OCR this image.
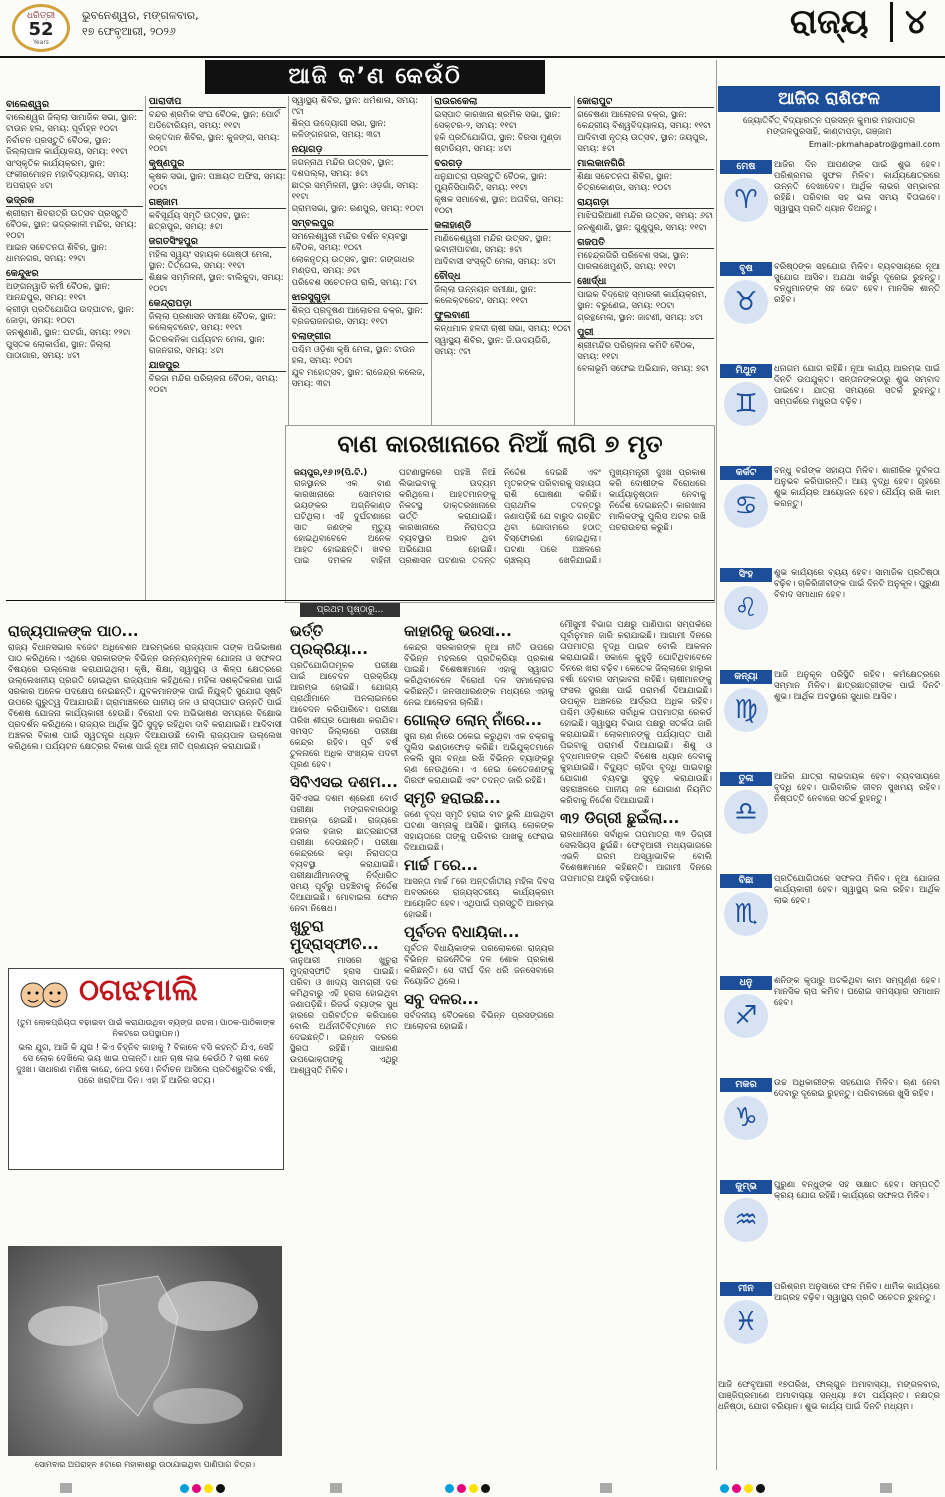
ଧରିତ୍ରୀ
52
Years
ଭୁବନେଶ୍ୱର, ମଙ୍ଗଳବାର,
୧୭ ଫେବୃଆରୀ, ୨୦୨୬	ରାଜ୍ୟ	୪
ଆଜି କ’ଣ କେଉଁଠି
ବାଲେଶ୍ୱର
ବାଲେଶ୍ୱର ଜିଲ୍ଲା ସାମାଜିକ ସଭା, ସ୍ଥାନ: ଟାଉନ ହଲ, ସମୟ: ପୂର୍ବାହ୍ନ ୧୦ଟା
ନିର୍ବାଚନ ପ୍ରସ୍ତୁତି ବୈଠକ, ସ୍ଥାନ: ଜିଲ୍ଲାପାଳ କାର୍ଯ୍ୟାଳୟ, ସମୟ: ୧୧ଟା
ସାଂସ୍କୃତିକ କାର୍ଯ୍ୟକ୍ରମ, ସ୍ଥାନ: ଫକୀରମୋହନ ମହାବିଦ୍ୟାଳୟ, ସମୟ: ଅପରାହ୍ନ ୪ଟା
ଭଦ୍ରକ
ଶ୍ରୀରାମ ଶିବରାତ୍ରି ଉତ୍ସବ ପ୍ରସ୍ତୁତି ବୈଠକ, ସ୍ଥାନ: ଭଦ୍ରକାଳୀ ମନ୍ଦିର, ସମୟ: ୧୦ଟା
ଆଇନ ସଚେତନତା ଶିବିର, ସ୍ଥାନ: ଧାମନଗର, ସମୟ: ୧୨ଟା
କେନ୍ଦୁଝର
ଅଙ୍ଗନୱାଡି କର୍ମୀ ବୈଠକ, ସ୍ଥାନ: ଆନନ୍ଦପୁର, ସମୟ: ୧୧ଟା
କ୍ରୀଡ଼ା ପ୍ରତିଯୋଗିତା ଉଦ୍‌ଘାଟନ, ସ୍ଥାନ: ଜୋଡ଼ା, ସମୟ: ୧୦ଟା
ଜନଶୁଣାଣି, ସ୍ଥାନ: ଘଟଗାଁ, ସମୟ: ୧୨ଟା
ପୁସ୍ତକ ଲୋକାର୍ପଣ, ସ୍ଥାନ: ଜିଲ୍ଲା ପାଠାଗାର, ସମୟ: ୪ଟା
ପାରାଦୀପ
ବନ୍ଦର ଶ୍ରମିକ ସଂଘ ବୈଠକ, ସ୍ଥାନ: ପୋର୍ଟ ଅଡିଟୋରିୟମ, ସମୟ: ୧୧ଟା
ରକ୍ତଦାନ ଶିବିର, ସ୍ଥାନ: କୁଜଙ୍ଗ, ସମୟ: ୧୦ଟା
କୃଷ୍ଣପୁର
କୃଷକ ସଭା, ସ୍ଥାନ: ପଞ୍ଚାୟତ ଅଫିସ, ସମୟ: ୧୦ଟା
ଗଞ୍ଜାମ
କବିସୂର୍ଯ୍ୟ ସ୍ମୃତି ଉତ୍ସବ, ସ୍ଥାନ: ଛତ୍ରପୁର, ସମୟ: ୫ଟା
ଜଗତସିଂହପୁର
ମହିଳା ସ୍ୱୟଂ ସହାୟକ ଗୋଷ୍ଠୀ ମେଳା, ସ୍ଥାନ: ତିର୍ତ୍ତୋଲ, ସମୟ: ୧୧ଟା
ଶିକ୍ଷକ ସମ୍ମିଳନୀ, ସ୍ଥାନ: ବାଲିକୁଦା, ସମୟ: ୧୦ଟା
କେନ୍ଦ୍ରାପଡ଼ା
ଜିଲ୍ଲା ପ୍ରଶାସନ ସମୀକ୍ଷା ବୈଠକ, ସ୍ଥାନ: କଲେକ୍ଟରେଟ, ସମୟ: ୧୧ଟା
ଭିତରକନିକା ପର୍ଯ୍ୟଟନ ମେଳା, ସ୍ଥାନ: ରାଜନଗର, ସମୟ: ୪ଟା
ଯାଜପୁର
ବିରଜା ମନ୍ଦିର ପରିଚାଳନା ବୈଠକ, ସମୟ: ୧୦ଟା
ସ୍ୱାସ୍ଥ୍ୟ ଶିବିର, ସ୍ଥାନ: ଧର୍ମଶାଳା, ସମୟ: ୯ଟା
ଶିଳ୍ପ ଉଦ୍ୟୋଗୀ ସଭା, ସ୍ଥାନ: କଳିଙ୍ଗନଗର, ସମୟ: ୩ଟା
ନୟାଗଡ଼
ଜଗନ୍ନାଥ ମନ୍ଦିର ଉତ୍ସବ, ସ୍ଥାନ: ଦଶପଲ୍ଲା, ସମୟ: ୫ଟା
ଛାତ୍ର ସମ୍ମିଳନୀ, ସ୍ଥାନ: ଓଡ଼ଗାଁ, ସମୟ: ୧୧ଟା
ଗ୍ରାମସଭା, ସ୍ଥାନ: ରଣପୁର, ସମୟ: ୧୦ଟା
ସମ୍ବଲପୁର
ସମଲେଶ୍ୱରୀ ମନ୍ଦିର ଦର୍ଶନ ବ୍ୟବସ୍ଥା ବୈଠକ, ସମୟ: ୧୦ଟା
ଲୋକନୃତ୍ୟ ଉତ୍ସବ, ସ୍ଥାନ: ଗଙ୍ଗାଧର ମଣ୍ଡପ, ସମୟ: ୬ଟା
ପରିବେଶ ସଚେତନତା ରାଲି, ସମୟ: ୮ଟା
ଝାରସୁଗୁଡ଼ା
ଶିଳ୍ପ ପ୍ରଦୂଷଣ ଆଲୋଚନା ଚକ୍ର, ସ୍ଥାନ: ବ୍ରଜରାଜନଗର, ସମୟ: ୧୧ଟା
ବଲାଙ୍ଗୀର
ପଶ୍ଚିମ ଓଡ଼ିଶା କୃଷି ମେଳା, ସ୍ଥାନ: ଟାଉନ ହଲ, ସମୟ: ୧୦ଟା
ଯୁବ ମହୋତ୍ସବ, ସ୍ଥାନ: ରାଜେନ୍ଦ୍ର କଲେଜ, ସମୟ: ୩ଟା
ରାଉରକେଲା
ଇସ୍ପାତ କାରଖାନା ଶ୍ରମିକ ସଭା, ସ୍ଥାନ: ସେକ୍ଟର-୨, ସମୟ: ୧୧ଟା
ହକି ପ୍ରତିଯୋଗିତା, ସ୍ଥାନ: ବିରସା ମୁଣ୍ଡା ଷ୍ଟାଡିୟମ, ସମୟ: ୪ଟା
ବରଗଡ଼
ଧନୁଯାତ୍ରା ପ୍ରସ୍ତୁତି ବୈଠକ, ସ୍ଥାନ: ମ୍ୟୁନିସିପାଲିଟି, ସମୟ: ୧୧ଟା
କୃଷକ ସମାବେଶ, ସ୍ଥାନ: ଅତାବିରା, ସମୟ: ୧୦ଟା
କଳାହାଣ୍ଡି
ମାଣିକେଶ୍ୱରୀ ମନ୍ଦିର ଉତ୍ସବ, ସ୍ଥାନ: ଭବାନୀପାଟଣା, ସମୟ: ୫ଟା
ଆଦିବାସୀ ସଂସ୍କୃତି ମେଳା, ସମୟ: ୪ଟା
ବୌଦ୍ଧ
ଜିଲ୍ଲା ଉନ୍ନୟନ ସମୀକ୍ଷା, ସ୍ଥାନ: କଲେକ୍ଟରେଟ, ସମୟ: ୧୧ଟା
ଫୁଲବାଣୀ
କନ୍ଧମାଳ ହଳଦୀ ଚାଷୀ ସଭା, ସମୟ: ୧୦ଟା
ସ୍ୱାସ୍ଥ୍ୟ ଶିବିର, ସ୍ଥାନ: ଜି.ଉଦୟଗିରି, ସମୟ: ୯ଟା
କୋରାପୁଟ
ଗବେଷଣା ଆଲୋଚନା ଚକ୍ର, ସ୍ଥାନ: କେନ୍ଦ୍ରୀୟ ବିଶ୍ୱବିଦ୍ୟାଳୟ, ସମୟ: ୧୧ଟା
ଆଦିବାସୀ ନୃତ୍ୟ ଉତ୍ସବ, ସ୍ଥାନ: ଜୟପୁର, ସମୟ: ୫ଟା
ମାଲକାନଗିରି
ଶିକ୍ଷା ସଚେତନତା ଶିବିର, ସ୍ଥାନ: ଚିତ୍ରକୋଣ୍ଡା, ସମୟ: ୧୦ଟା
ରାୟଗଡ଼ା
ମାଝିଘରିଆଣୀ ମନ୍ଦିର ଉତ୍ସବ, ସମୟ: ୬ଟା
ଜନଶୁଣାଣି, ସ୍ଥାନ: ଗୁଣୁପୁର, ସମୟ: ୧୧ଟା
ଗଜପତି
ମହେନ୍ଦ୍ରଗିରି ପରିବେଶ ସଭା, ସ୍ଥାନ: ପାରଳାଖେମୁଣ୍ଡି, ସମୟ: ୧୧ଟା
ଖୋର୍ଦ୍ଧା
ପାଇକ ବିଦ୍ରୋହ ସ୍ମାରକୀ କାର୍ଯ୍ୟକ୍ରମ, ସ୍ଥାନ: ବରୁଣେଇ, ସମୟ: ୧୦ଟା
ଗ୍ରନ୍ଥମେଳା, ସ୍ଥାନ: ଜାଟଣୀ, ସମୟ: ୪ଟା
ପୁରୀ
ଶ୍ରୀମନ୍ଦିର ପରିଚାଳନା କମିଟି ବୈଠକ, ସମୟ: ୧୧ଟା
ବେଳାଭୂମି ସଫେଇ ଅଭିଯାନ, ସମୟ: ୭ଟା
ବାଣ କାରଖାନାରେ ନିଆଁ ଲାଗି ୭ ମୃତ
ଜୟପୁର,୧୬।୨(ପି.ଟି.) ରାଜସ୍ଥାନର ଏକ ବାଣ କାରଖାନାରେ ସୋମବାର ଭୟଙ୍କର ଅଗ୍ନିକାଣ୍ଡ ଘଟିଥିଲା। ଏହି ଦୁର୍ଘଟଣାରେ ସାତ ଜଣଙ୍କ ମୃତ୍ୟୁ ହୋଇଥିବାବେଳେ ଅନେକ ଆହତ ହୋଇଛନ୍ତି। ଖବର ପାଇ ଦମକଳ ବାହିନୀ ଘଟଣାସ୍ଥଳରେ ପହଞ୍ଚି ନିଆଁ ଲିଭାଇବାକୁ ଉଦ୍ୟମ କରିଥିଲେ। ଆହତମାନଙ୍କୁ ନିକଟସ୍ଥ ଡାକ୍ତରଖାନାରେ ଭର୍ତ୍ତି କରାଯାଇଛି। କାରଖାନାରେ ନିରାପତ୍ତା ବ୍ୟବସ୍ଥାର ଅଭାବ ଥିବା ଅଭିଯୋଗ ହୋଇଛି। ପ୍ରଶାସନ ଘଟଣାର ତଦନ୍ତ ନିର୍ଦ୍ଦେଶ ଦେଇଛି ଏବଂ ମୃତକଙ୍କ ପରିବାରକୁ ସହାୟତା ରାଶି ଘୋଷଣା କରିଛି। ପ୍ରାଥମିକ ତଦନ୍ତରୁ ଜଣାପଡ଼ିଛି ଯେ ବାରୁଦ ଗଚ୍ଛିତ ଥିବା ଗୋଦାମରେ ହଠାତ୍ ବିସ୍ଫୋରଣ ହୋଇଥିଲା। ଘଟଣା ପରେ ଅଞ୍ଚଳରେ ଚାଞ୍ଚଲ୍ୟ ଖେଳିଯାଇଛି। ମୁଖ୍ୟମନ୍ତ୍ରୀ ଦୁଃଖ ପ୍ରକାଶ କରି ଦୋଷୀଙ୍କ ବିରୋଧରେ କାର୍ଯ୍ୟାନୁଷ୍ଠାନ ନେବାକୁ ନିର୍ଦ୍ଦେଶ ଦେଇଛନ୍ତି। କାରଖାନା ମାଲିକଙ୍କୁ ପୁଲିସ ଅଟକ ରଖି ପଚରାଉଚରା କରୁଛି।
ଆଜିର ରାଶିଫଳ
ଜ୍ୟୋତିର୍ବିତ୍ ବିଦ୍ୟାରତ୍ନ ପ୍ରସନ୍ନ କୁମାର ମହାପାତ୍ର ମଙ୍ଗଳପୁରସାହି, କାଣ୍ଟାପଡ଼ା, ଗଞ୍ଜାମ
Email:-pkmahapatro@gmail.com
ମେଷ
♈
ଆଜିର ଦିନ ଆପଣଙ୍କ ପାଇଁ ଶୁଭ ହେବ। ପରିଶ୍ରମର ସୁଫଳ ମିଳିବ। କାର୍ଯ୍ୟକ୍ଷେତ୍ରରେ ଉନ୍ନତି ଦେଖାଦେବ। ଆର୍ଥିକ ଲାଭର ସମ୍ଭାବନା ରହିଛି। ପରିବାର ସହ ଭଲ ସମୟ ବିତାଇବେ। ସ୍ୱାସ୍ଥ୍ୟ ପ୍ରତି ଧ୍ୟାନ ଦିଅନ୍ତୁ।
ବୃଷ
♉
ବରିଷ୍ଠଙ୍କ ସହଯୋଗ ମିଳିବ। ବ୍ୟବସାୟରେ ନୂଆ ସୁଯୋଗ ଆସିବ। ଅଯଥା ଖର୍ଚ୍ଚରୁ ଦୂରେଇ ରୁହନ୍ତୁ। ବନ୍ଧୁମାନଙ୍କ ସହ ଭେଟ ହେବ। ମାନସିକ ଶାନ୍ତି ରହିବ।
ମିଥୁନ
♊
ଧନାଗମ ଯୋଗ ରହିଛି। ନୂଆ କାର୍ଯ୍ୟ ଆରମ୍ଭ ପାଇଁ ଦିନଟି ଉପଯୁକ୍ତ। ସନ୍ତାନଙ୍କଠାରୁ ଶୁଭ ସମ୍ବାଦ ପାଇବେ। ଯାତ୍ରା ସମୟରେ ସତର୍କ ରୁହନ୍ତୁ। ସମ୍ପର୍କରେ ମଧୁରତା ବଢ଼ିବ।
କର୍କଟ
♋
ବନ୍ଧୁ ବର୍ଗଙ୍କ ସହାୟତା ମିଳିବ। ଶାରୀରିକ ଦୁର୍ବଳତା ଅନୁଭବ କରିପାରନ୍ତି। ଆୟ ବୃଦ୍ଧି ହେବ। ଗୃହରେ ଶୁଭ କାର୍ଯ୍ୟର ଆୟୋଜନ ହେବ। ଧୈର୍ଯ୍ୟ ରଖି କାମ କରନ୍ତୁ।
ସିଂହ
♌
ଶୁଭ କାର୍ଯ୍ୟରେ ବ୍ୟୟ ହେବ। ସାମାଜିକ ପ୍ରତିଷ୍ଠା ବଢ଼ିବ। ଚାକିରିଜୀବୀଙ୍କ ପାଇଁ ଦିନଟି ଅନୁକୂଳ। ପୁରୁଣା ବିବାଦ ସମାଧାନ ହେବ।
କନ୍ୟା
♍
ଆଜି ଅନୁକୂଳ ପରିସ୍ଥିତି ରହିବ। କର୍ମକ୍ଷେତ୍ରରେ ସମ୍ମାନ ମିଳିବ। ଛାତ୍ରଛାତ୍ରୀଙ୍କ ପାଇଁ ଦିନଟି ଶୁଭ। ଆର୍ଥିକ ଅବସ୍ଥାରେ ସୁଧାର ଆସିବ।
ତୁଳା
♎
ଆଜିର ଯାତ୍ରା ଲାଭଦାୟକ ହେବ। ବ୍ୟବସାୟରେ ବୃଦ୍ଧି ହେବ। ପାରିବାରିକ ଜୀବନ ସୁଖମୟ ରହିବ। ନିଷ୍ପତ୍ତି ନେବାରେ ସତର୍କ ରୁହନ୍ତୁ।
ବିଛା
♏
ପ୍ରତିଯୋଗିତାରେ ସଫଳତା ମିଳିବ। ନୂଆ ଯୋଜନା କାର୍ଯ୍ୟକାରୀ ହେବ। ସ୍ୱାସ୍ଥ୍ୟ ଭଲ ରହିବ। ଆର୍ଥିକ ଲାଭ ହେବ।
ଧନୁ
♐
ଶନିଙ୍କ କୃପାରୁ ଅଟକିଥିବା କାମ ସମ୍ପୂର୍ଣ୍ଣ ହେବ। ମାନସିକ ଚାପ କମିବ। ଘରୋଇ ସମସ୍ୟାର ସମାଧାନ ହେବ।
ମକର
♑
ଉଚ୍ଚ ଅଧିକାରୀଙ୍କ ସହଯୋଗ ମିଳିବ। ଋଣ ନେବା ଦେବାରୁ ଦୂରେଇ ରୁହନ୍ତୁ। ପରିବାରରେ ଖୁସି ରହିବ।
କୁମ୍ଭ
♒
ପୁରୁଣା ବନ୍ଧୁଙ୍କ ସହ ସାକ୍ଷାତ ହେବ। ସମ୍ପତ୍ତି କ୍ରୟ ଯୋଗ ରହିଛି। କାର୍ଯ୍ୟରେ ସଫଳତା ମିଳିବ।
ମୀନ
♓
ପରିଶ୍ରମ ଅନୁସାରେ ଫଳ ମିଳିବ। ଧାର୍ମିକ କାର୍ଯ୍ୟରେ ଆଗ୍ରହ ବଢ଼ିବ। ସ୍ୱାସ୍ଥ୍ୟ ପ୍ରତି ସଚେତନ ରୁହନ୍ତୁ।
ଆଜି ଫେବୃଆରୀ ୧୭ତାରିଖ, ଫାଲ୍‌ଗୁନ ଅମାବାସ୍ୟା, ମଙ୍ଗଳବାର, ପାଞ୍ଜିପ୍ରମାଣେ ଅମାବାସ୍ୟା ସନ୍ଧ୍ୟା ୫ଟା ପର୍ଯ୍ୟନ୍ତ। ନକ୍ଷତ୍ର ଧନିଷ୍ଠା, ଯୋଗ ବରିୟାନ। ଶୁଭ କାର୍ଯ୍ୟ ପାଇଁ ଦିନଟି ମଧ୍ୟମ।
ପ୍ରଥମ ପୃଷ୍ଠାରୁ...
ରାଜ୍ୟପାଳଙ୍କ ପାଠ...

ରାଜ୍ୟ ବିଧାନସଭାର ବଜେଟ ଅଧିବେଶନ ଆରମ୍ଭରେ ରାଜ୍ୟପାଳ ତାଙ୍କ ଅଭିଭାଷଣ ପାଠ କରିଥିଲେ। ଏଥିରେ ସରକାରଙ୍କ ବିଭିନ୍ନ ଉନ୍ନୟନମୂଳକ ଯୋଜନା ଓ ସଫଳତା ବିଷୟରେ ଉଲ୍ଲେଖ କରାଯାଇଥିଲା। କୃଷି, ଶିକ୍ଷା, ସ୍ୱାସ୍ଥ୍ୟ ଓ ଶିଳ୍ପ କ୍ଷେତ୍ରରେ ଉଲ୍ଲେଖନୀୟ ପ୍ରଗତି ହୋଇଥିବା ରାଜ୍ୟପାଳ କହିଥିଲେ। ମହିଳା ସଶକ୍ତିକରଣ ପାଇଁ ସରକାର ଅନେକ ପଦକ୍ଷେପ ନେଇଛନ୍ତି। ଯୁବକମାନଙ୍କ ପାଇଁ ନିଯୁକ୍ତି ସୁଯୋଗ ସୃଷ୍ଟି ଉପରେ ଗୁରୁତ୍ୱ ଦିଆଯାଉଛି। ଗ୍ରାମାଞ୍ଚଳରେ ପାନୀୟ ଜଳ ଓ ରାସ୍ତାଘାଟ ଉନ୍ନତି ପାଇଁ ବିଶେଷ ଯୋଜନା କାର୍ଯ୍ୟକାରୀ ହେଉଛି। ବିରୋଧୀ ଦଳ ଅଭିଭାଷଣ ସମୟରେ ବିକ୍ଷୋଭ ପ୍ରଦର୍ଶନ କରିଥିଲେ। ରାଜ୍ୟର ଆର୍ଥିକ ସ୍ଥିତି ସୁଦୃଢ଼ ରହିଥିବା ଦାବି କରାଯାଇଛି। ଆଦିବାସୀ ଅଞ୍ଚଳର ବିକାଶ ପାଇଁ ସ୍ୱତନ୍ତ୍ର ଧ୍ୟାନ ଦିଆଯାଉଛି ବୋଲି ରାଜ୍ୟପାଳ ଉଲ୍ଲେଖ କରିଥିଲେ। ପର୍ଯ୍ୟଟନ କ୍ଷେତ୍ରର ବିକାଶ ପାଇଁ ନୂଆ ନୀତି ପ୍ରଣୟନ କରାଯାଇଛି।

ଠଗଝମାଲି
(ତୁମ ଲୋକପ୍ରିୟତା ବଢ଼ାଇବା ପାଇଁ କରାଯାଉଥିବା ବ୍ୟଙ୍ଗ ରଚନା। ପାଠକ-ପାଠିକାଙ୍କ ନିକଟରେ ଉପସ୍ଥାପନ।)
ଭଲ ଯୁଗ, ଆଜି କି ଯୁଗ ! କିଏ ଚିହ୍ନିବ କାହାକୁ ? ବିକାଳେ ବସି କହନ୍ତି ଯିଏ, ସେହି ସେ ଲୋକ ଦେଖିଲେ ଭୟ ଖାଇ ପଳାନ୍ତି। ଧାନ ଚାଷ ଲାଭ କେଉଁଠି ? ଚାଷୀ କହେ ଦୁଃଖ। ସାଧାରଣ ମଣିଷ କାନ୍ଦେ, ନେତା ହସେ। ନିର୍ବାଚନ ଆସିଲେ ପ୍ରତିଶ୍ରୁତିର ବର୍ଷା, ପରେ ଖରାଟିଆ ଦିନ। ଏହା ହିଁ ଆଜିର ସତ୍ୟ।
ସୋମବାର ଅପରାହ୍ନ ୫ଟାରେ ମହାକାଶରୁ ଉଠାଯାଇଥିବା ପାଣିପାଗ ଚିତ୍ର।
ଭର୍ତ୍ତି ପ୍ରକ୍ରିୟା...

ପ୍ରତିଯୋଗିତାମୂଳକ ପରୀକ୍ଷା ପାଇଁ ଆବେଦନ ପ୍ରକ୍ରିୟା ଆରମ୍ଭ ହୋଇଛି। ଯୋଗ୍ୟ ପ୍ରାର୍ଥୀମାନେ ଅନଲାଇନରେ ଆବେଦନ କରିପାରିବେ। ପରୀକ୍ଷା ତାରିଖ ଶୀଘ୍ର ଘୋଷଣା କରାଯିବ। ସମସ୍ତ ଜିଲ୍ଲାରେ ପରୀକ୍ଷା କେନ୍ଦ୍ର ରହିବ। ପୂର୍ବ ବର୍ଷ ତୁଳନାରେ ଅଧିକ ସଂଖ୍ୟକ ପଦବୀ ପୂରଣ ହେବ।

ସିବିଏସଇ ଦଶମ...

ସିବିଏସଇ ଦଶମ ଶ୍ରେଣୀ ବୋର୍ଡ ପରୀକ୍ଷା ମଙ୍ଗଳବାରଠାରୁ ଆରମ୍ଭ ହୋଇଛି। ରାଜ୍ୟରେ ହଜାର ହଜାର ଛାତ୍ରଛାତ୍ରୀ ପରୀକ୍ଷା ଦେଉଛନ୍ତି। ପରୀକ୍ଷା କେନ୍ଦ୍ରରେ କଡ଼ା ନିରାପତ୍ତା ବ୍ୟବସ୍ଥା କରାଯାଇଛି। ପରୀକ୍ଷାର୍ଥୀମାନଙ୍କୁ ନିର୍ଦ୍ଧାରିତ ସମୟ ପୂର୍ବରୁ ପହଞ୍ଚିବାକୁ ନିର୍ଦ୍ଦେଶ ଦିଆଯାଇଛି। ମୋବାଇଲ ଫୋନ ନେବା ନିଷେଧ।

ଖୁଚୁରା ମୁଦ୍ରାସ୍ଫୀତି...

ଜାନୁଆରୀ ମାସରେ ଖୁଚୁରା ମୁଦ୍ରାସ୍ଫୀତି ହ୍ରାସ ପାଇଛି। ପରିବା ଓ ଖାଦ୍ୟ ସାମଗ୍ରୀ ଦର କମିଥିବାରୁ ଏହି ହ୍ରାସ ହୋଇଥିବା ଜଣାପଡ଼ିଛି। ରିଜର୍ଭ ବ୍ୟାଙ୍କ ସୁଧ ହାରରେ ପରିବର୍ତ୍ତନ କରିପାରେ ବୋଲି ଅର୍ଥନୀତିବିତ୍‌ମାନେ ମତ ଦେଇଛନ୍ତି। ଇନ୍ଧନ ଦରରେ ସ୍ଥିରତା ରହିଛି। ସାଧାରଣ ଉପଭୋକ୍ତାଙ୍କୁ ଏଥିରୁ ଆଶ୍ୱସ୍ତି ମିଳିବ।

କାହାରିକୁ ଭରସା...

କେନ୍ଦ୍ର ସରକାରଙ୍କ ନୂଆ ନୀତି ଉପରେ ବିଭିନ୍ନ ମହଲରେ ପ୍ରତିକ୍ରିୟା ପ୍ରକାଶ ପାଇଛି। ବିଶେଷଜ୍ଞମାନେ ଏହାକୁ ସ୍ୱାଗତ କରିଥିବାବେଳେ ବିରୋଧୀ ଦଳ ସମାଲୋଚନା କରିଛନ୍ତି। ଜନସାଧାରଣଙ୍କ ମଧ୍ୟରେ ଏହାକୁ ନେଇ ଆଲୋଚନା ଚାଲିଛି।

ଗୋଲ୍ଡ ଲୋନ୍ ନାଁରେ...

ସୁନା ଋଣ ନାଁରେ ଠକେଇ କରୁଥିବା ଏକ ଚକ୍ରକୁ ପୁଲିସ ଭଣ୍ଡାଫୋଡ଼ କରିଛି। ଅଭିଯୁକ୍ତମାନେ ନକଲି ସୁନା ବନ୍ଧା ରଖି ବିଭିନ୍ନ ବ୍ୟାଙ୍କରୁ ଋଣ ନେଉଥିଲେ। ଏ ନେଇ କେତେଜଣଙ୍କୁ ଗିରଫ କରାଯାଇଛି ଏବଂ ତଦନ୍ତ ଜାରି ରହିଛି।

ସ୍ମୃତି ହରାଇଛି...

ଜଣେ ବୃଦ୍ଧ ସ୍ମୃତି ହରାଇ ବାଟ ଭୁଲି ଯାଇଥିବା ଘଟଣା ସାମ୍ନାକୁ ଆସିଛି। ସ୍ଥାନୀୟ ଲୋକଙ୍କ ସହାୟତାରେ ତାଙ୍କୁ ପରିବାର ପାଖକୁ ଫେରାଇ ଦିଆଯାଇଛି।

ମାର୍ଚ୍ଚ ୮ରେ...

ଆସନ୍ତା ମାର୍ଚ୍ଚ ୮ରେ ଅନ୍ତର୍ଜାତୀୟ ମହିଳା ଦିବସ ଅବସରରେ ରାଜ୍ୟସ୍ତରୀୟ କାର୍ଯ୍ୟକ୍ରମ ଆୟୋଜିତ ହେବ। ଏଥିପାଇଁ ପ୍ରସ୍ତୁତି ଆରମ୍ଭ ହୋଇଛି।

ପୂର୍ବତନ ବିଧାୟିକା...

ପୂର୍ବତନ ବିଧାୟିକାଙ୍କ ପରଲୋକରେ ରାଜ୍ୟର ବିଭିନ୍ନ ରାଜନୈତିକ ଦଳ ଶୋକ ପ୍ରକାଶ କରିଛନ୍ତି। ସେ ଦୀର୍ଘ ଦିନ ଧରି ଜନସେବାରେ ନିୟୋଜିତ ଥିଲେ।

ସବୁ ଦଳର...

ସର୍ବଦଳୀୟ ବୈଠକରେ ବିଭିନ୍ନ ପ୍ରସଙ୍ଗରେ ଆଲୋଚନା ହୋଇଛି।

ମୌସୁମୀ ବିଭାଗ ପକ୍ଷରୁ ପାଣିପାଗ ସମ୍ପର୍କରେ ପୂର୍ବାନୁମାନ ଜାରି କରାଯାଇଛି। ଆଗାମୀ ଦିନରେ ତାପମାତ୍ରା ବୃଦ୍ଧି ପାଇବ ବୋଲି ଆକଳନ କରାଯାଇଛି। ସକାଳେ କୁହୁଡ଼ି ଘୋଟିଥିବାବେଳେ ଦିନରେ ଖରା ବଢ଼ିବ। କେତେକ ଜିଲ୍ଲାରେ ହାଲୁକା ବର୍ଷା ହେବାର ସମ୍ଭାବନା ରହିଛି। ଚାଷୀମାନଙ୍କୁ ଫସଲ ସୁରକ୍ଷା ପାଇଁ ପରାମର୍ଶ ଦିଆଯାଇଛି। ଉପକୂଳ ଅଞ୍ଚଳରେ ଆର୍ଦ୍ରତା ଅଧିକ ରହିବ। ପଶ୍ଚିମ ଓଡ଼ିଶାରେ ସର୍ବାଧିକ ତାପମାତ୍ରା ରେକର୍ଡ ହୋଇଛି। ସ୍ୱାସ୍ଥ୍ୟ ବିଭାଗ ପକ୍ଷରୁ ସତର୍କତା ଜାରି କରାଯାଇଛି। ଲୋକମାନଙ୍କୁ ପର୍ଯ୍ୟାପ୍ତ ପାଣି ପିଇବାକୁ ପରାମର୍ଶ ଦିଆଯାଇଛି। ଶିଶୁ ଓ ବୃଦ୍ଧମାନଙ୍କ ପ୍ରତି ବିଶେଷ ଧ୍ୟାନ ଦେବାକୁ କୁହାଯାଇଛି। ବିଦ୍ୟୁତ ଚାହିଦା ବୃଦ୍ଧି ପାଇବାରୁ ଯୋଗାଣ ବ୍ୟବସ୍ଥା ସୁଦୃଢ଼ କରାଯାଉଛି। ସହରାଞ୍ଚଳରେ ପାନୀୟ ଜଳ ଯୋଗାଣ ନିୟମିତ କରିବାକୁ ନିର୍ଦ୍ଦେଶ ଦିଆଯାଇଛି।

୩୨ ଡିଗ୍ରୀ ଛୁଇଁଲା...

ରାଜଧାନୀରେ ସର୍ବାଧିକ ତାପମାତ୍ରା ୩୨ ଡିଗ୍ରୀ ସେଲସିୟସ ଛୁଇଁଛି। ଫେବୃଆରୀ ମଧ୍ୟଭାଗରେ ଏଭଳି ଗରମ ଅସ୍ୱାଭାବିକ ବୋଲି ବିଶେଷଜ୍ଞମାନେ କହିଛନ୍ତି। ଆଗାମୀ ଦିନରେ ତାପମାତ୍ରା ଆହୁରି ବଢ଼ିପାରେ।
